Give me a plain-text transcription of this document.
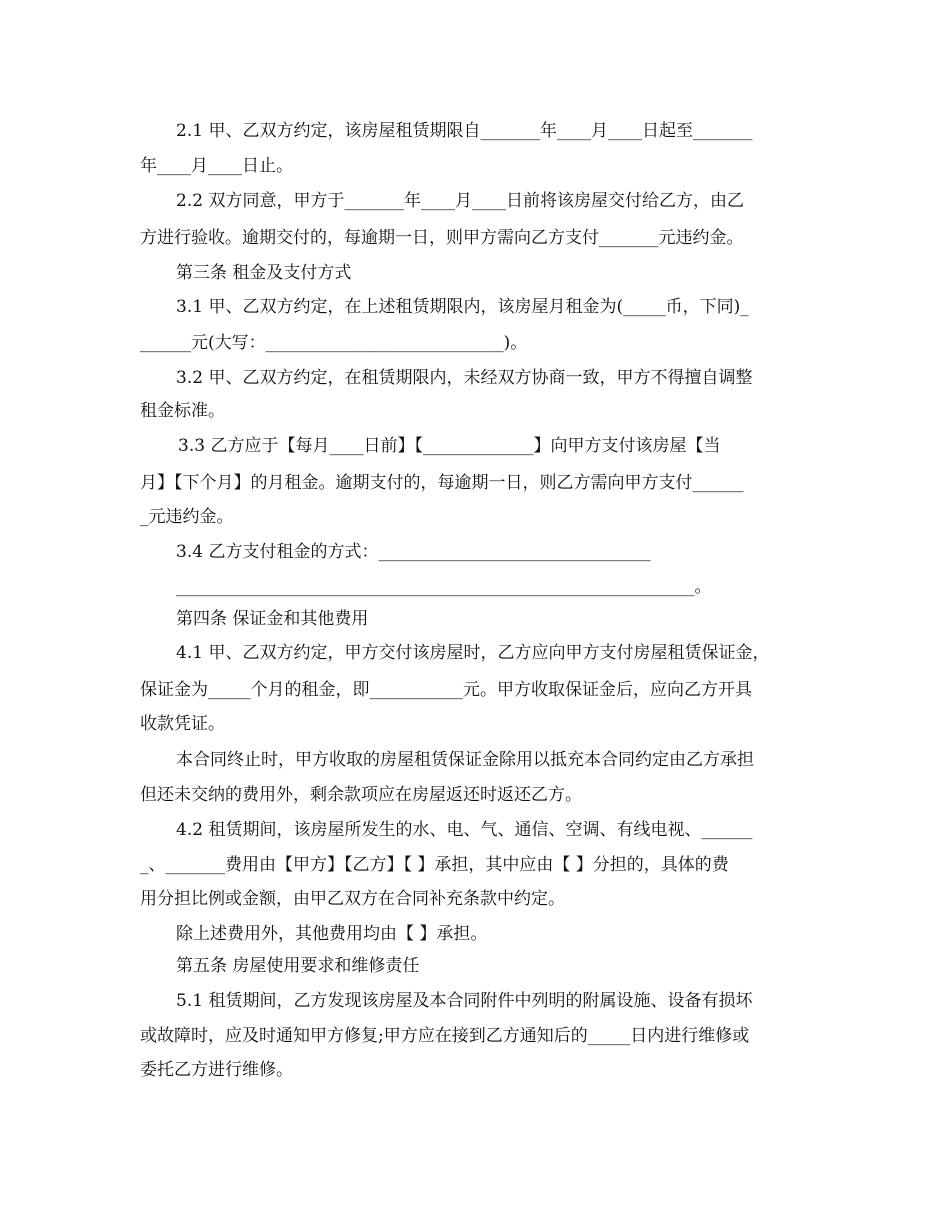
2.1 甲、乙双方约定，该房屋租赁期限自_______年____月____日起至_______
年____月____日止。
2.2 双方同意，甲方于_______年____月____日前将该房屋交付给乙方，由乙
方进行验收。逾期交付的，每逾期一日，则甲方需向乙方支付_______元违约金。
第三条 租金及支付方式
3.1 甲、乙双方约定，在上述租赁期限内，该房屋月租金为(_____币，下同)_
______元(大写：____________________________)。
3.2 甲、乙双方约定，在租赁期限内，未经双方协商一致，甲方不得擅自调整
租金标准。
3.3 乙方应于【每月____日前】【_____________】向甲方支付该房屋【当
月】【下个月】的月租金。逾期支付的，每逾期一日，则乙方需向甲方支付______
_元违约金。
3.4 乙方支付租金的方式：________________________________
_____________________________________________________________。
第四条 保证金和其他费用
4.1 甲、乙双方约定，甲方交付该房屋时，乙方应向甲方支付房屋租赁保证金，
保证金为_____个月的租金，即___________元。甲方收取保证金后，应向乙方开具
收款凭证。
本合同终止时，甲方收取的房屋租赁保证金除用以抵充本合同约定由乙方承担
但还未交纳的费用外，剩余款项应在房屋返还时返还乙方。
4.2 租赁期间，该房屋所发生的水、电、气、通信、空调、有线电视、______
_、_______费用由【甲方】【乙方】【 】承担，其中应由【 】分担的，具体的费
用分担比例或金额，由甲乙双方在合同补充条款中约定。
除上述费用外，其他费用均由【 】承担。
第五条 房屋使用要求和维修责任
5.1 租赁期间，乙方发现该房屋及本合同附件中列明的附属设施、设备有损坏
或故障时，应及时通知甲方修复;甲方应在接到乙方通知后的_____日内进行维修或
委托乙方进行维修。
